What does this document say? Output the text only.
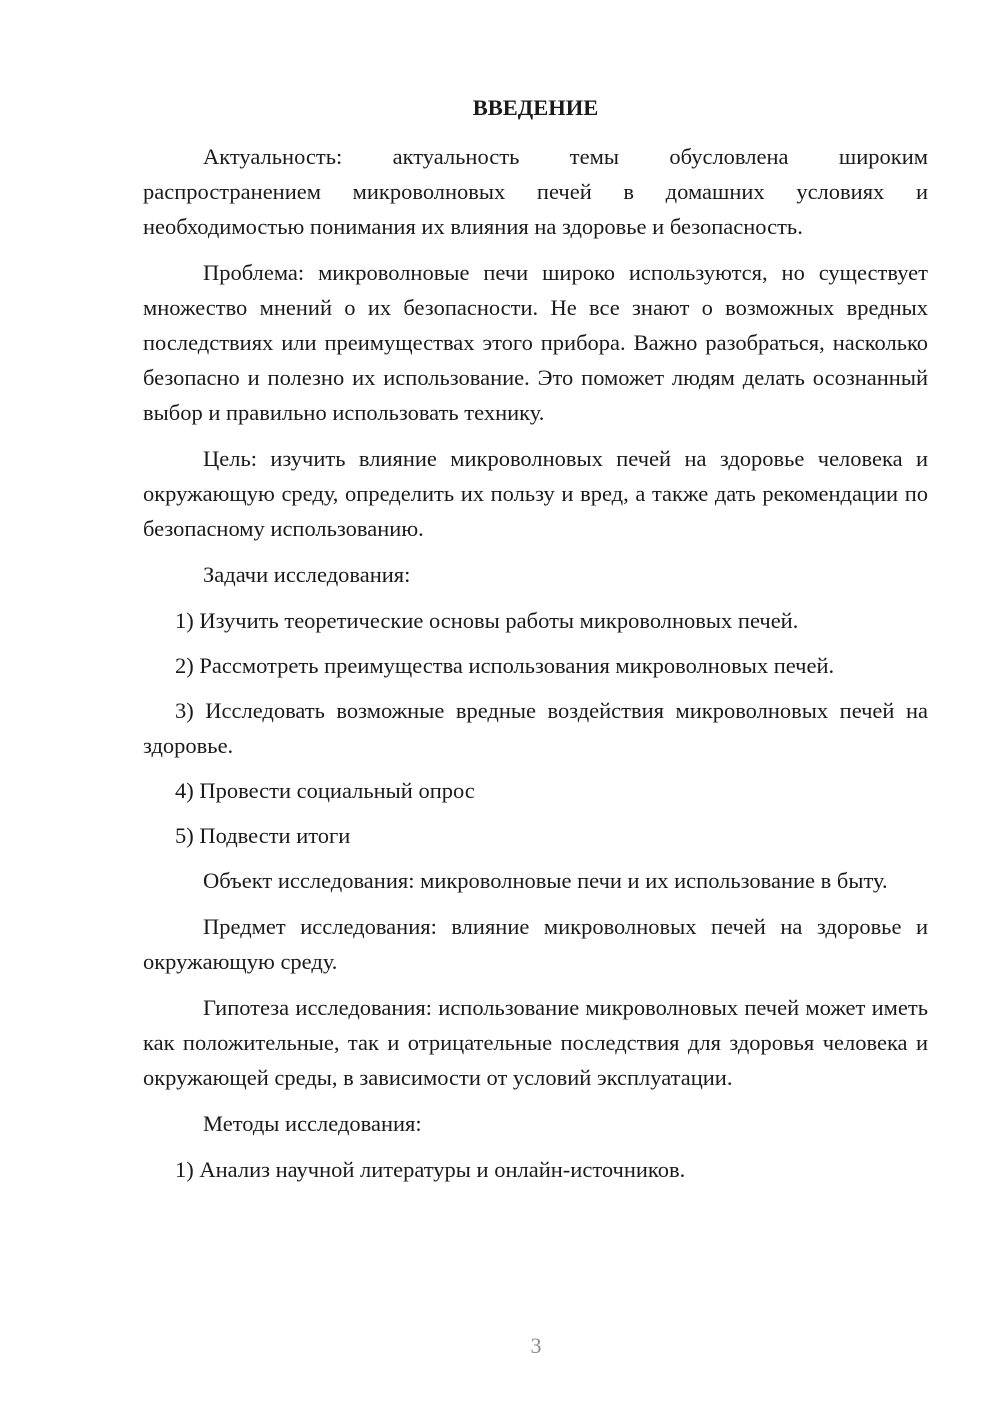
ВВЕДЕНИЕ

Актуальность: актуальность темы обусловлена широким распространением микроволновых печей в домашних условиях и необходимостью понимания их влияния на здоровье и безопасность.

Проблема: микроволновые печи широко используются, но существует множество мнений о их безопасности. Не все знают о возможных вредных последствиях или преимуществах этого прибора. Важно разобраться, насколько безопасно и полезно их использование. Это поможет людям делать осознанный выбор и правильно использовать технику.

Цель: изучить влияние микроволновых печей на здоровье человека и окружающую среду, определить их пользу и вред, а также дать рекомендации по безопасному использованию.

Задачи исследования:

1) Изучить теоретические основы работы микроволновых печей.

2) Рассмотреть преимущества использования микроволновых печей.

3) Исследовать возможные вредные воздействия микроволновых печей на здоровье.

4) Провести социальный опрос

5) Подвести итоги

Объект исследования: микроволновые печи и их использование в быту.

Предмет исследования: влияние микроволновых печей на здоровье и окружающую среду.

Гипотеза исследования: использование микроволновых печей может иметь как положительные, так и отрицательные последствия для здоровья человека и окружающей среды, в зависимости от условий эксплуатации.

Методы исследования:

1) Анализ научной литературы и онлайн-источников.

3
